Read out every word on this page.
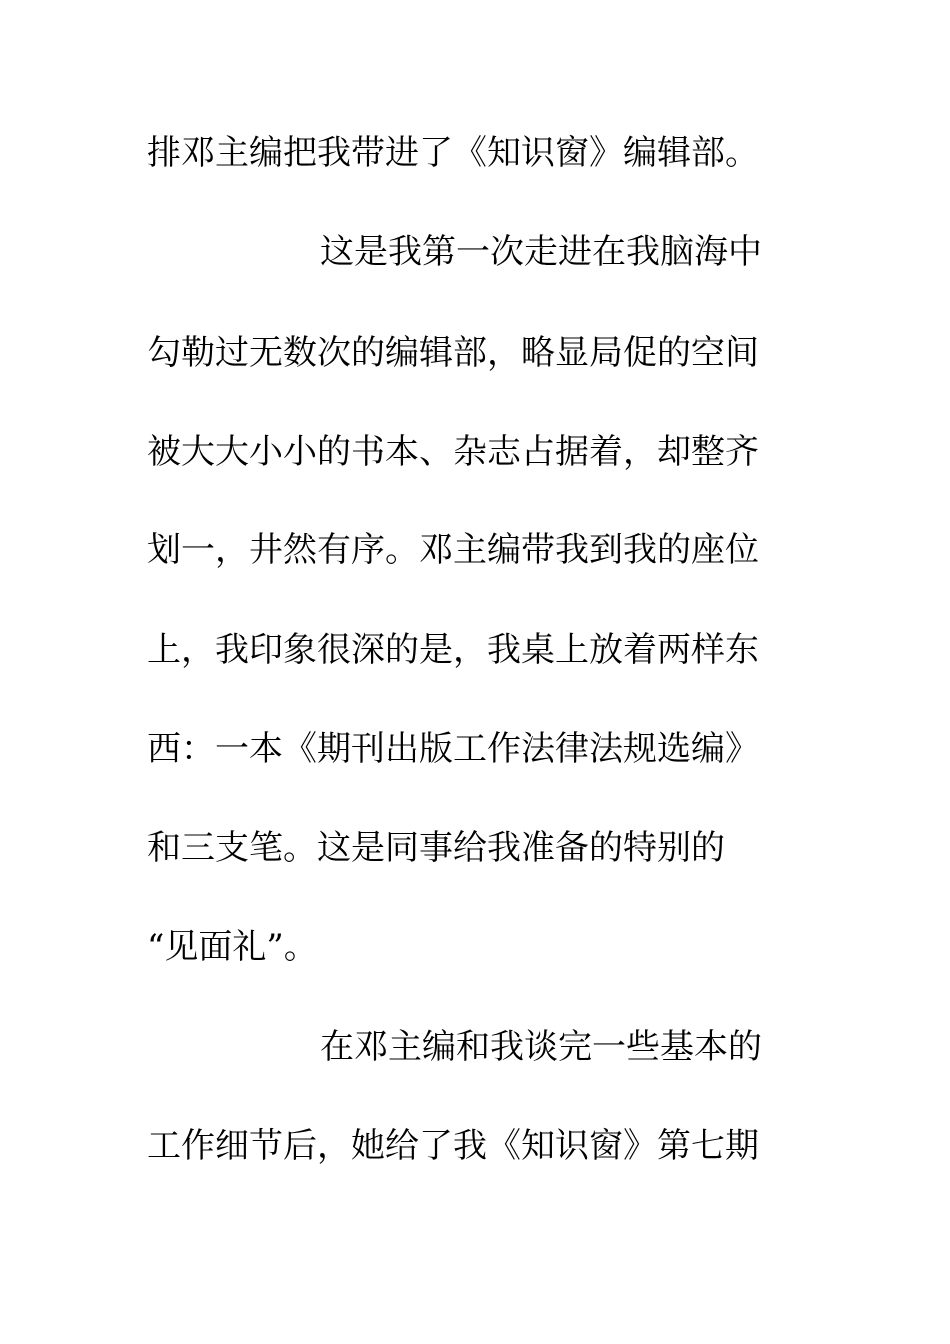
排邓主编把我带进了《知识窗》编辑部。
这是我第一次走进在我脑海中
勾勒过无数次的编辑部，略显局促的空间
被大大小小的书本、杂志占据着，却整齐
划一，井然有序。邓主编带我到我的座位
上，我印象很深的是，我桌上放着两样东
西：一本《期刊出版工作法律法规选编》
和三支笔。这是同事给我准备的特别的
“见面礼”。
在邓主编和我谈完一些基本的
工作细节后，她给了我《知识窗》第七期
